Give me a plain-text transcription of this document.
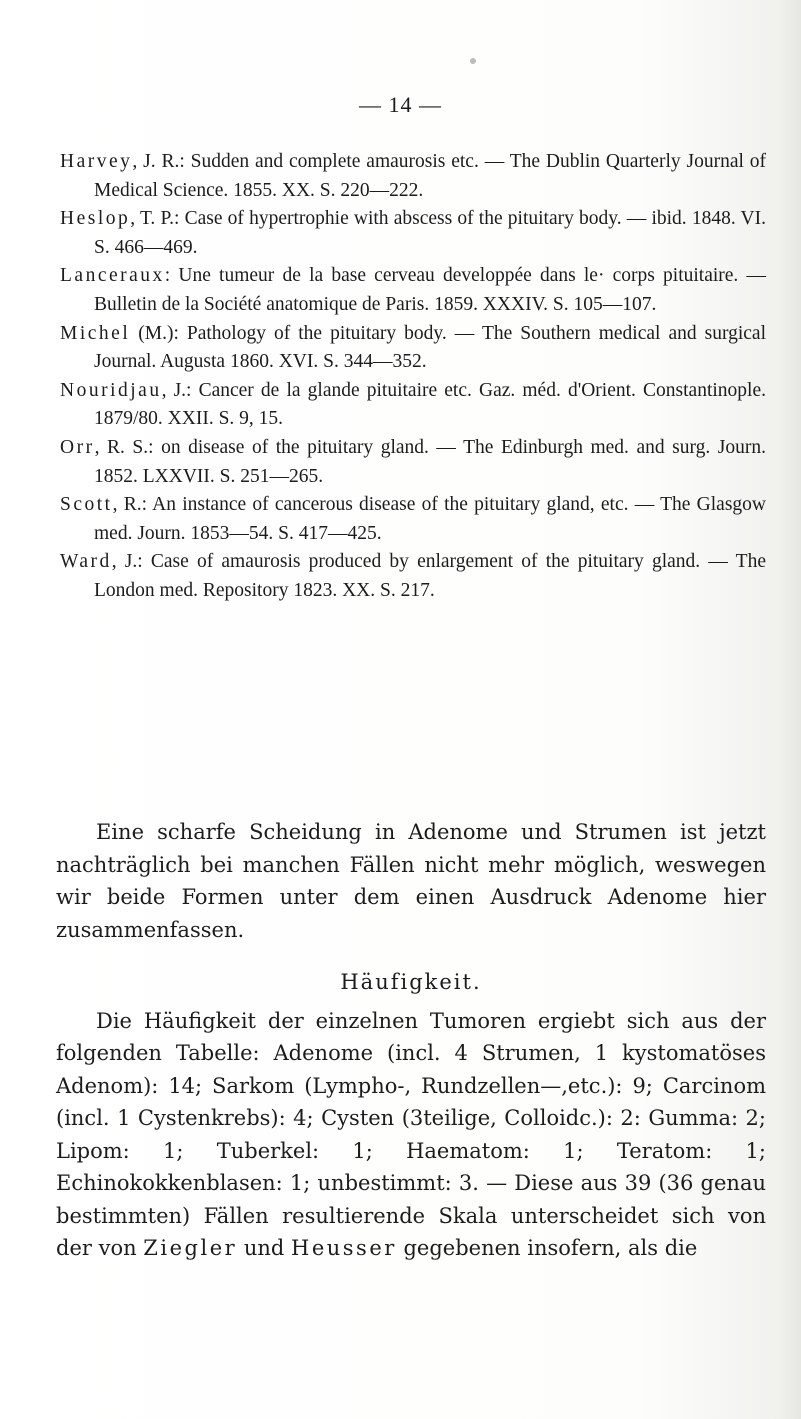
— 14 —

Harvey, J. R.: Sudden and complete amaurosis etc. — The Dublin Quarterly Journal of Medical Science. 1855. XX. S. 220—222.

Heslop, T. P.: Case of hypertrophie with abscess of the pituitary body. — ibid. 1848. VI. S. 466—469.

Lanceraux: Une tumeur de la base cerveau developpée dans le· corps pituitaire. — Bulletin de la Société anatomique de Paris. 1859. XXXIV. S. 105—107.

Michel (M.): Pathology of the pituitary body. — The Southern medical and surgical Journal. Augusta 1860. XVI. S. 344—352.

Nouridjau, J.: Cancer de la glande pituitaire etc. Gaz. méd. d'Orient. Constantinople. 1879/80. XXII. S. 9, 15.

Orr, R. S.: on disease of the pituitary gland. — The Edinburgh med. and surg. Journ. 1852. LXXVII. S. 251—265.

Scott, R.: An instance of cancerous disease of the pituitary gland, etc. — The Glasgow med. Journ. 1853—54. S. 417—425.

Ward, J.: Case of amaurosis produced by enlargement of the pituitary gland. — The London med. Repository 1823. XX. S. 217.

Eine scharfe Scheidung in Adenome und Strumen ist jetzt nachträglich bei manchen Fällen nicht mehr möglich, weswegen wir beide Formen unter dem einen Ausdruck Adenome hier zusammenfassen.

Häufigkeit.

Die Häufigkeit der einzelnen Tumoren ergiebt sich aus der folgenden Tabelle: Adenome (incl. 4 Strumen, 1 kystomatöses Adenom): 14; Sarkom (Lympho-, Rundzellen—,etc.): 9; Carcinom (incl. 1 Cystenkrebs): 4; Cysten (3teilige, Colloidc.): 2: Gumma: 2; Lipom: 1; Tuberkel: 1; Haematom: 1; Teratom: 1; Echinokokkenblasen: 1; unbestimmt: 3. — Diese aus 39 (36 genau bestimmten) Fällen resultierende Skala unterscheidet sich von der von Ziegler und Heusser gegebenen insofern, als die
